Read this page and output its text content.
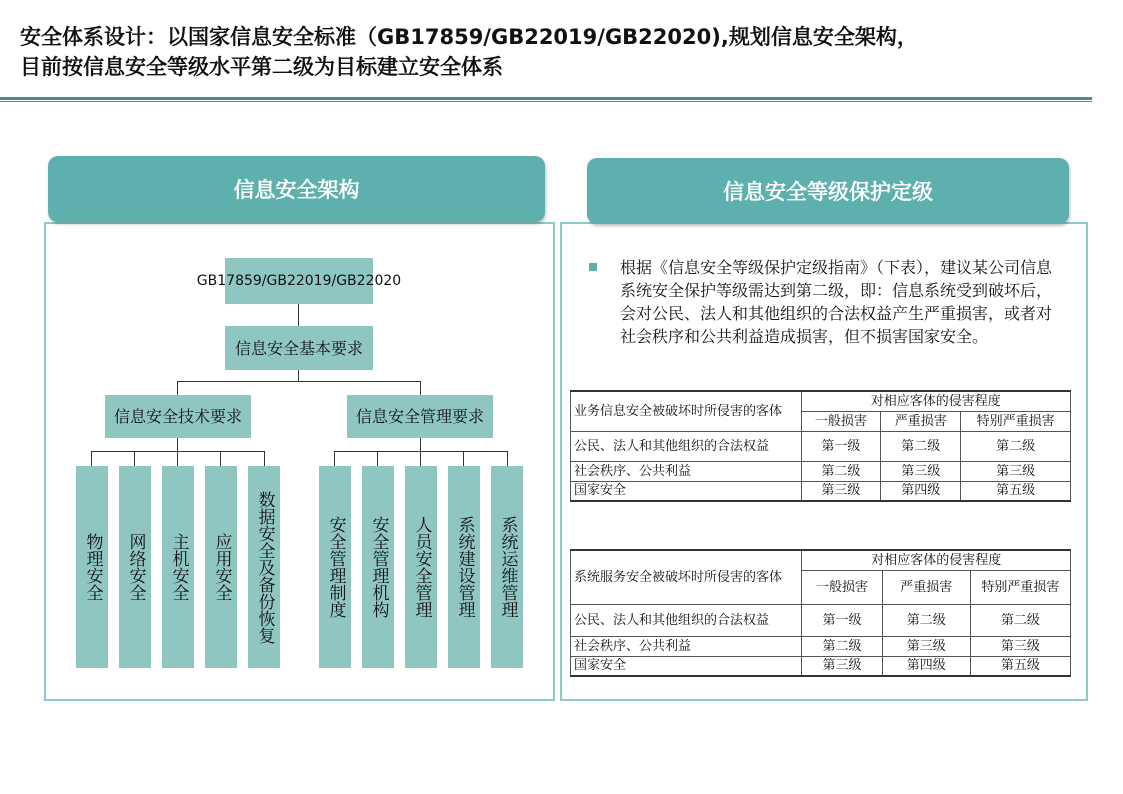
安全体系设计：以国家信息安全标准（GB17859/GB22019/GB22020),规划信息安全架构，目前按信息安全等级水平第二级为目标建立安全体系
信息安全架构
GB17859/GB22019/GB22020
信息安全基本要求
信息安全技术要求	信息安全管理要求
物理安全	网络安全	主机安全	应用安全	数据安全及备份恢复	安全管理制度	安全管理机构	人员安全管理	系统建设管理	系统运维管理
信息安全等级保护定级
根据《信息安全等级保护定级指南》（下表），建议某公司信息系统安全保护等级需达到第二级，即：信息系统受到破坏后，会对公民、法人和其他组织的合法权益产生严重损害，或者对社会秩序和公共利益造成损害，但不损害国家安全。
业务信息安全被破坏时所侵害的客体	对相应客体的侵害程度		
	一般损害	严重损害	特别严重损害
公民、法人和其他组织的合法权益	第一级	第二级	第二级
社会秩序、公共利益	第二级	第三级	第三级
国家安全	第三级	第四级	第五级
系统服务安全被破坏时所侵害的客体	对相应客体的侵害程度		
	一般损害	严重损害	特别严重损害
公民、法人和其他组织的合法权益	第一级	第二级	第二级
社会秩序、公共利益	第二级	第三级	第三级
国家安全	第三级	第四级	第五级
